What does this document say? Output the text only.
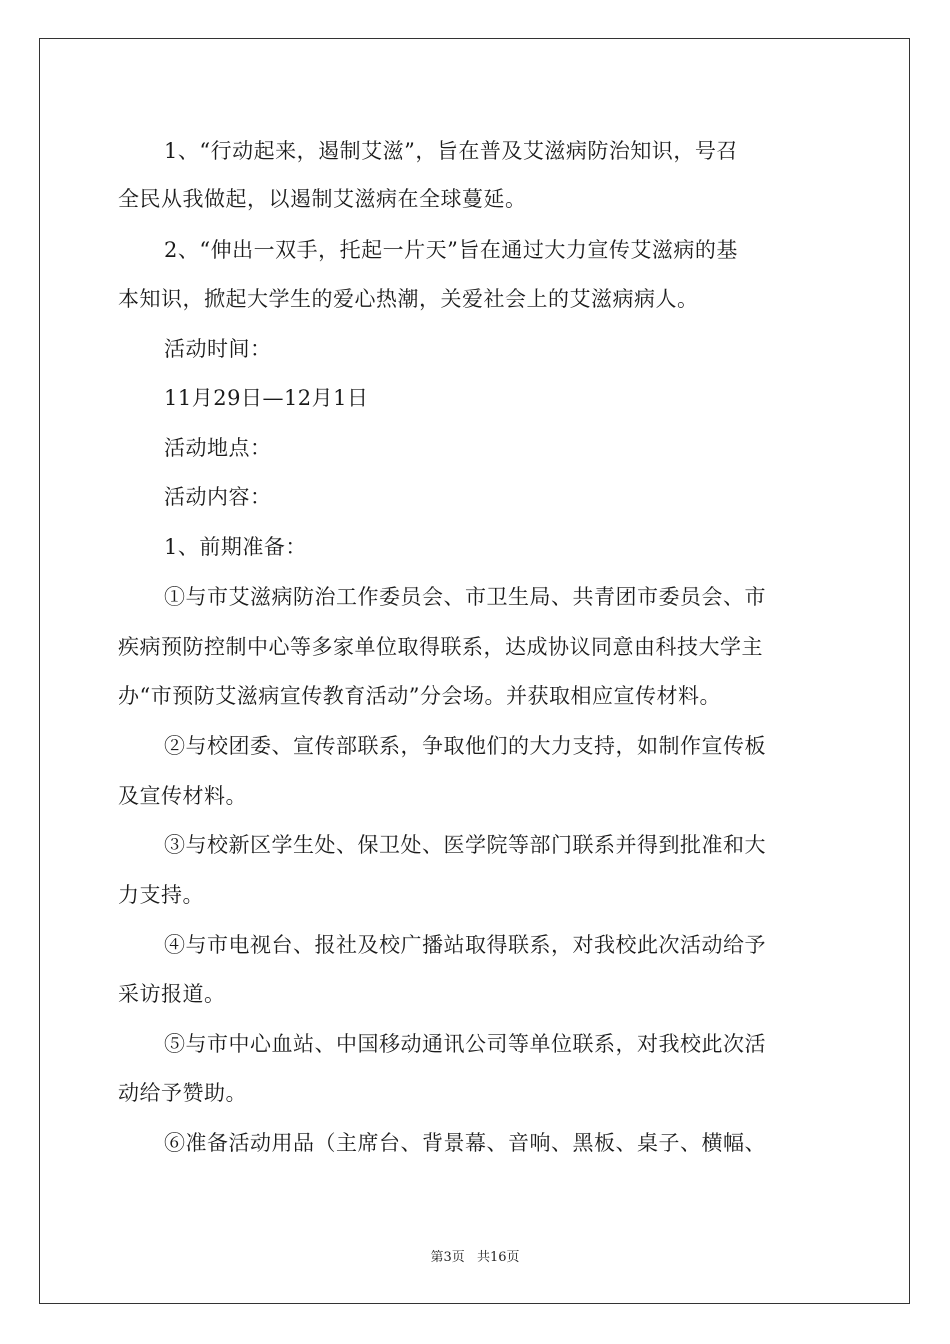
1、“行动起来，遏制艾滋”，旨在普及艾滋病防治知识，号召
全民从我做起，以遏制艾滋病在全球蔓延。
2、“伸出一双手，托起一片天”旨在通过大力宣传艾滋病的基
本知识，掀起大学生的爱心热潮，关爱社会上的艾滋病病人。
活动时间：
11月29日—12月1日
活动地点：
活动内容：
1、前期准备：
①与市艾滋病防治工作委员会、市卫生局、共青团市委员会、市
疾病预防控制中心等多家单位取得联系，达成协议同意由科技大学主
办“市预防艾滋病宣传教育活动”分会场。并获取相应宣传材料。
②与校团委、宣传部联系，争取他们的大力支持，如制作宣传板
及宣传材料。
③与校新区学生处、保卫处、医学院等部门联系并得到批准和大
力支持。
④与市电视台、报社及校广播站取得联系，对我校此次活动给予
采访报道。
⑤与市中心血站、中国移动通讯公司等单位联系，对我校此次活
动给予赞助。
⑥准备活动用品（主席台、背景幕、音响、黑板、桌子、横幅、
第3页 共16页
